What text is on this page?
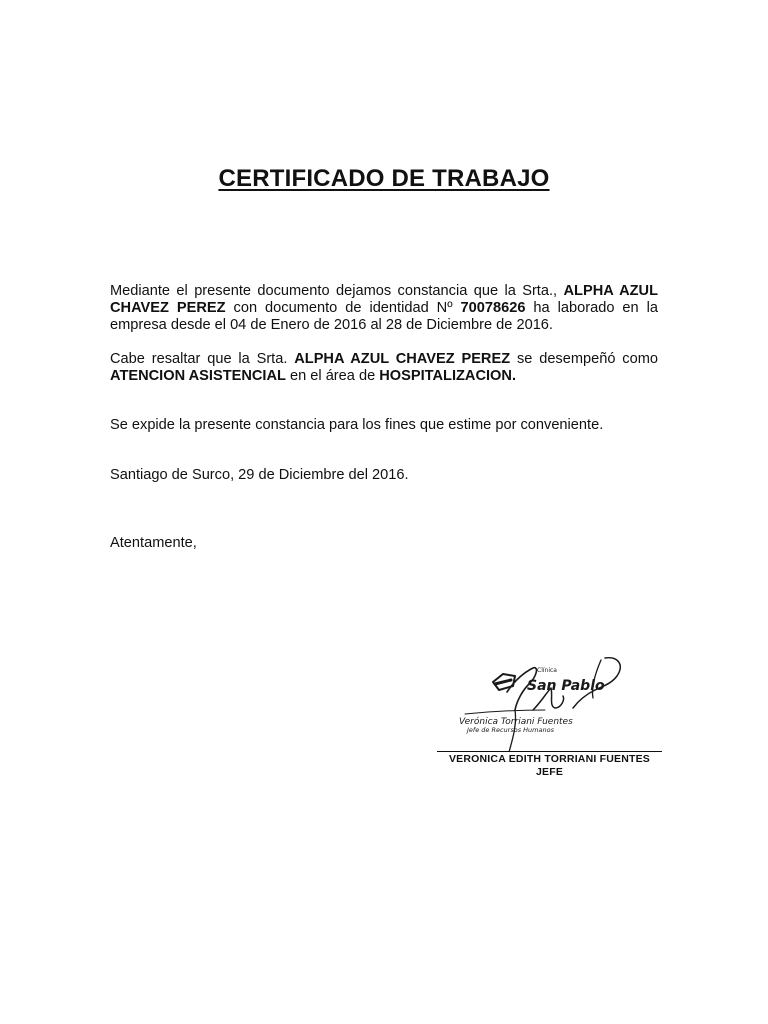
CERTIFICADO DE TRABAJO
Mediante el presente documento dejamos constancia que la Srta., ALPHA AZUL CHAVEZ PEREZ con documento de identidad Nº 70078626 ha laborado en la empresa desde el 04 de Enero de 2016 al 28 de Diciembre de 2016.
Cabe resaltar que la Srta. ALPHA AZUL CHAVEZ PEREZ se desempeñó como ATENCION ASISTENCIAL en el área de HOSPITALIZACION.
Se expide la presente constancia para los fines que estime por conveniente.
Santiago de Surco, 29 de Diciembre del 2016.
Atentamente,
Clínica
San Pablo
Verónica Torriani Fuentes
Jefe de Recursos Humanos
VERONICA EDITH TORRIANI FUENTES
JEFE
